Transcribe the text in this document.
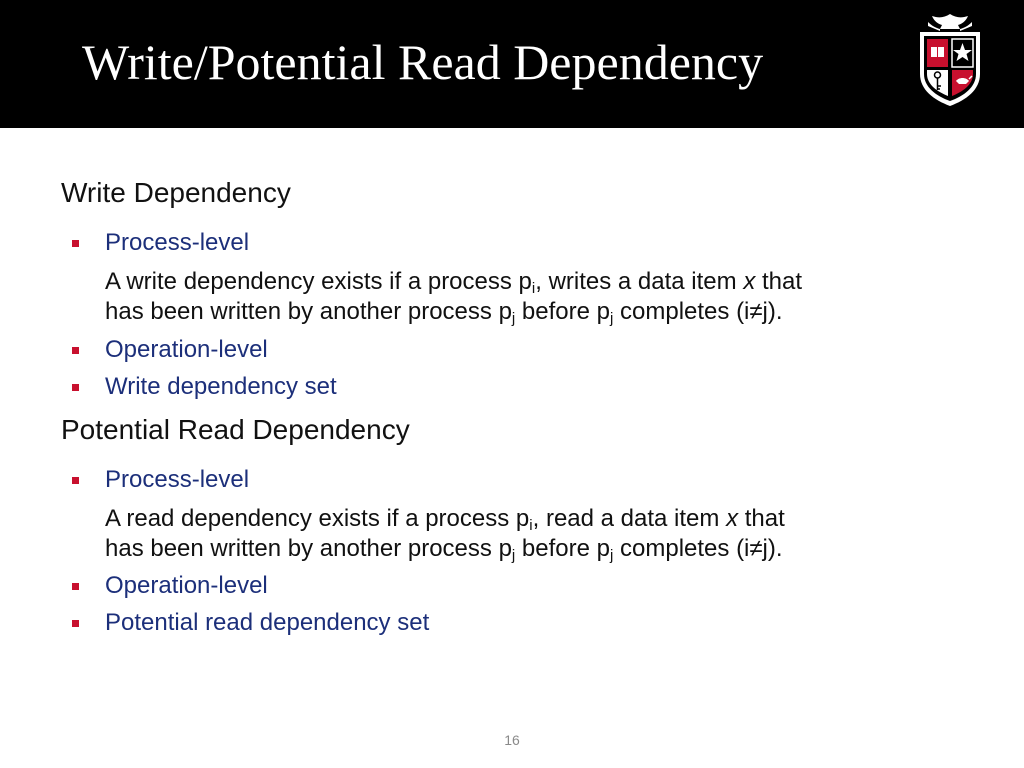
Write/Potential Read Dependency
Write Dependency
Process-level
A write dependency exists if a process $p_i$, writes a data item x that
has been written by another process $p_j$ before $p_j$ completes (i≠j).
Operation-level
Write dependency set
Potential Read Dependency
Process-level
A read dependency exists if a process $p_i$, read a data item x that
has been written by another process $p_j$ before $p_j$ completes (i≠j).
Operation-level
Potential read dependency set
16
